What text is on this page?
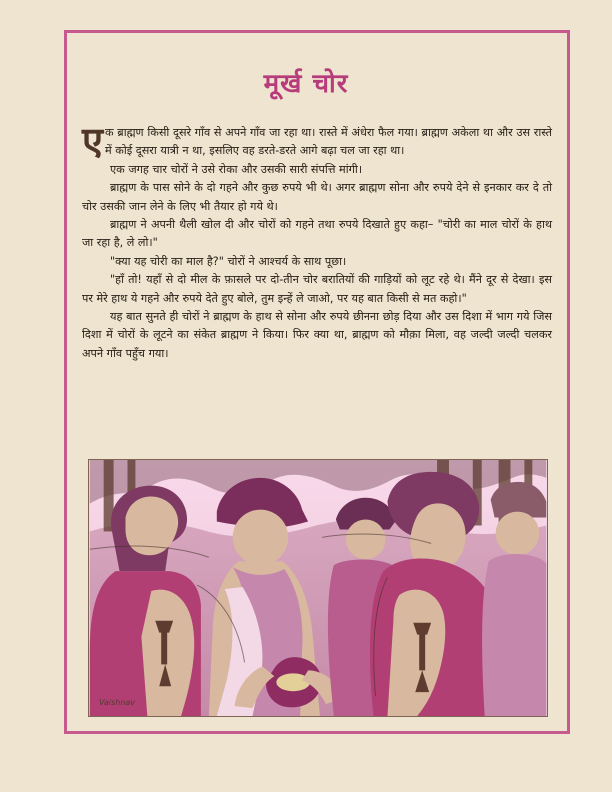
मूर्ख चोर

ए क ब्राह्मण किसी दूसरे गाँव से अपने गाँव जा रहा था। रास्ते में अंधेरा फैल गया। ब्राह्मण अकेला था और उस रास्ते में कोई दूसरा यात्री न था, इसलिए वह डरते-डरते आगे बढ़ा चल जा रहा था।

एक जगह चार चोरों ने उसे रोका और उसकी सारी संपत्ति मांगी।

ब्राह्मण के पास सोने के दो गहने और कुछ रुपये भी थे। अगर ब्राह्मण सोना और रुपये देने से इनकार कर दे तो चोर उसकी जान लेने के लिए भी तैयार हो गये थे।

ब्राह्मण ने अपनी थैली खोल दी और चोरों को गहने तथा रुपये दिखाते हुए कहा– "चोरी का माल चोरों के हाथ जा रहा है, ले लो।"

"क्या यह चोरी का माल है?" चोरों ने आश्चर्य के साथ पूछा।

"हाँ तो! यहाँ से दो मील के फ़ासले पर दो-तीन चोर बरातियों की गाड़ियों को लूट रहे थे। मैंने दूर से देखा। इस पर मेरे हाथ ये गहने और रुपये देते हुए बोले, तुम इन्हें ले जाओ, पर यह बात किसी से मत कहो।"

यह बात सुनते ही चोरों ने ब्राह्मण के हाथ से सोना और रुपये छीनना छोड़ दिया और उस दिशा में भाग गये जिस दिशा में चोरों के लूटने का संकेत ब्राह्मण ने किया। फिर क्या था, ब्राह्मण को मौक़ा मिला, वह जल्दी जल्दी चलकर अपने गाँव पहुँच गया।

Vaishnav
